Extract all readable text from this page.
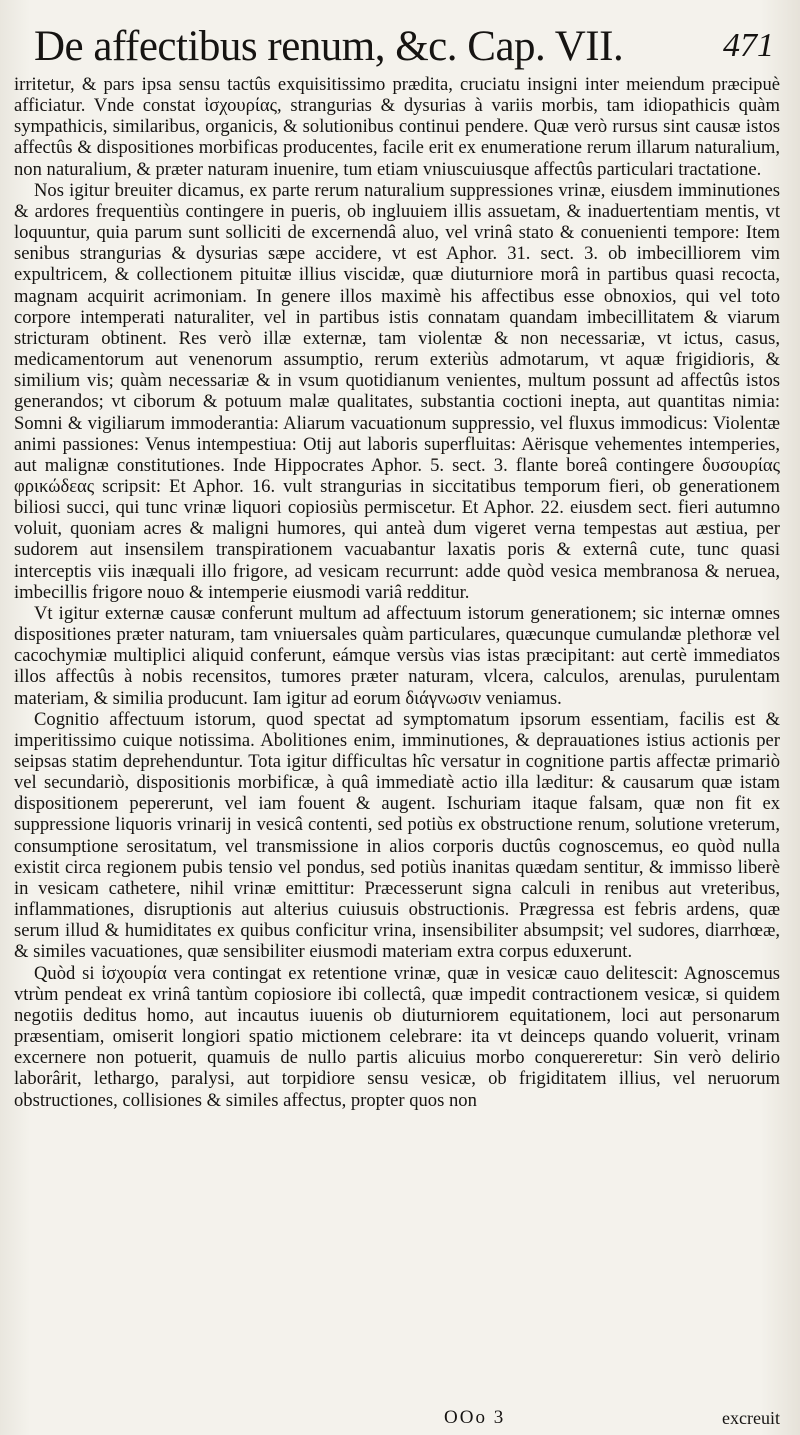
De affectibus renum, &c. Cap. VII.	471

irritetur, & pars ipsa sensu tactûs exquisitissimo prædita, cruciatu insigni inter meiendum præcipuè afficiatur. Vnde constat ἰσχουρίας, strangurias & dysurias à variis morbis, tam idiopathicis quàm sympathicis, similaribus, organicis, & solutionibus continui pendere. Quæ verò rursus sint causæ istos affectûs & dispositiones morbificas producentes, facile erit ex enumeratione rerum illarum naturalium, non naturalium, & præter naturam inuenire, tum etiam vniuscuiusque affectûs particulari tractatione.

Nos igitur breuiter dicamus, ex parte rerum naturalium suppressiones vrinæ, eiusdem imminutiones & ardores frequentiùs contingere in pueris, ob ingluuiem illis assuetam, & inaduertentiam mentis, vt loquuntur, quia parum sunt solliciti de excernendâ aluo, vel vrinâ stato & conuenienti tempore: Item senibus strangurias & dysurias sæpe accidere, vt est Aphor. 31. sect. 3. ob imbecilliorem vim expultricem, & collectionem pituitæ illius viscidæ, quæ diuturniore morâ in partibus quasi recocta, magnam acquirit acrimoniam. In genere illos maximè his affectibus esse obnoxios, qui vel toto corpore intemperati naturaliter, vel in partibus istis connatam quandam imbecillitatem & viarum stricturam obtinent. Res verò illæ externæ, tam violentæ & non necessariæ, vt ictus, casus, medicamentorum aut venenorum assumptio, rerum exteriùs admotarum, vt aquæ frigidioris, & similium vis; quàm necessariæ & in vsum quotidianum venientes, multum possunt ad affectûs istos generandos; vt ciborum & potuum malæ qualitates, substantia coctioni inepta, aut quantitas nimia: Somni & vigiliarum immoderantia: Aliarum vacuationum suppressio, vel fluxus immodicus: Violentæ animi passiones: Venus intempestiua: Otij aut laboris superfluitas: Aërisque vehementes intemperies, aut malignæ constitutiones. Inde Hippocrates Aphor. 5. sect. 3. flante boreâ contingere δυσουρίας φρικώδεας scripsit: Et Aphor. 16. vult strangurias in siccitatibus temporum fieri, ob generationem biliosi succi, qui tunc vrinæ liquori copiosiùs permiscetur. Et Aphor. 22. eiusdem sect. fieri autumno voluit, quoniam acres & maligni humores, qui anteà dum vigeret verna tempestas aut æstiua, per sudorem aut insensilem transpirationem vacuabantur laxatis poris & externâ cute, tunc quasi interceptis viis inæquali illo frigore, ad vesicam recurrunt: adde quòd vesica membranosa & nerueа, imbecillis frigore nouo & intemperie eiusmodi variâ redditur.

Vt igitur externæ causæ conferunt multum ad affectuum istorum generationem; sic internæ omnes dispositiones præter naturam, tam vniuersales quàm particulares, quæcunque cumulandæ plethoræ vel cacochymiæ multiplici aliquid conferunt, eámque versùs vias istas præcipitant: aut certè immediatos illos affectûs à nobis recensitos, tumores præter naturam, vlcera, calculos, arenulas, purulentam materiam, & similia producunt. Iam igitur ad eorum διάγνωσιν veniamus.

Cognitio affectuum istorum, quod spectat ad symptomatum ipsorum essentiam, facilis est & imperitissimo cuique notissima. Abolitiones enim, imminutiones, & deprauationes istius actionis per seipsas statim deprehenduntur. Tota igitur difficultas hîc versatur in cognitione partis affectæ primariò vel secundariò, dispositionis morbificæ, à quâ immediatè actio illa læditur: & causarum quæ istam dispositionem pepererunt, vel iam fouent & augent. Ischuriam itaque falsam, quæ non fit ex suppressione liquoris vrinarij in vesicâ contenti, sed potiùs ex obstructione renum, solutione vreterum, consumptione serositatum, vel transmissione in alios corporis ductûs cognoscemus, eo quòd nulla existit circa regionem pubis tensio vel pondus, sed potiùs inanitas quædam sentitur, & immisso liberè in vesicam cathetere, nihil vrinæ emittitur: Præcesserunt signa calculi in renibus aut vreteribus, inflammationes, disruptionis aut alterius cuiusuis obstructionis. Prægressa est febris ardens, quæ serum illud & humiditates ex quibus conficitur vrina, insensibiliter absumpsit; vel sudores, diarrhœæ, & similes vacuationes, quæ sensibiliter eiusmodi materiam extra corpus eduxerunt.

Quòd si ἰσχουρία vera contingat ex retentione vrinæ, quæ in vesicæ cauo delitescit: Agnoscemus vtrùm pendeat ex vrinâ tantùm copiosiore ibi collectâ, quæ impedit contractionem vesicæ, si quidem negotiis deditus homo, aut incautus iuuenis ob diuturniorem equitationem, loci aut personarum præsentiam, omiserit longiori spatio mictionem celebrare: ita vt deinceps quando voluerit, vrinam excernere non potuerit, quamuis de nullo partis alicuius morbo conquereretur: Sin verò delirio laborârit, lethargo, paralysi, aut torpidiore sensu vesicæ, ob frigiditatem illius, vel neruorum obstructiones, collisiones & similes affectus, propter quos non

OOo 3	excreuit
